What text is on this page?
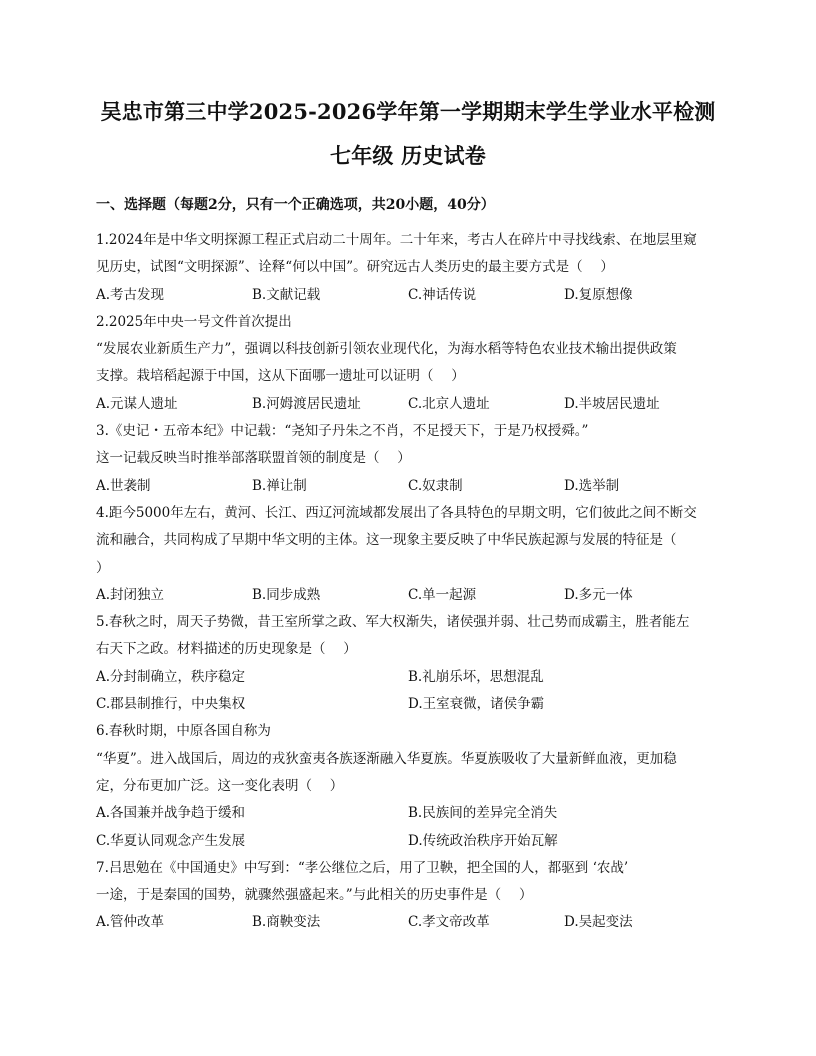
吴忠市第三中学2025-2026学年第一学期期末学生学业水平检测
七年级 历史试卷
一、选择题（每题2分，只有一个正确选项，共20小题，40分）
1.2024年是中华文明探源工程正式启动二十周年。二十年来，考古人在碎片中寻找线索、在地层里窥
见历史，试图“文明探源”、诠释“何以中国”。研究远古人类历史的最主要方式是（　 ）
A.考古发现	B.文献记载	C.神话传说	D.复原想像
2.2025年中央一号文件首次提出
“发展农业新质生产力”，强调以科技创新引领农业现代化，为海水稻等特色农业技术输出提供政策
支撑。栽培稻起源于中国，这从下面哪一遗址可以证明（　 ）
A.元谋人遗址	B.河姆渡居民遗址	C.北京人遗址	D.半坡居民遗址
3.《史记・五帝本纪》中记载：“尧知子丹朱之不肖，不足授天下，于是乃权授舜。”
这一记载反映当时推举部落联盟首领的制度是（　 ）
A.世袭制	B.禅让制	C.奴隶制	D.选举制
4.距今5000年左右，黄河、长江、西辽河流域都发展出了各具特色的早期文明，它们彼此之间不断交
流和融合，共同构成了早期中华文明的主体。这一现象主要反映了中华民族起源与发展的特征是（
）
A.封闭独立	B.同步成熟	C.单一起源	D.多元一体
5.春秋之时，周天子势微，昔王室所掌之政、军大权渐失，诸侯强并弱、壮己势而成霸主，胜者能左
右天下之政。材料描述的历史现象是（　 ）
A.分封制确立，秩序稳定	B.礼崩乐坏，思想混乱
C.郡县制推行，中央集权	D.王室衰微，诸侯争霸
6.春秋时期，中原各国自称为
“华夏”。进入战国后，周边的戎狄蛮夷各族逐渐融入华夏族。华夏族吸收了大量新鲜血液，更加稳
定，分布更加广泛。这一变化表明（　 ）
A.各国兼并战争趋于缓和	B.民族间的差异完全消失
C.华夏认同观念产生发展	D.传统政治秩序开始瓦解
7.吕思勉在《中国通史》中写到：“孝公继位之后，用了卫鞅，把全国的人，都驱到 ‘农战’
一途，于是秦国的国势，就骤然强盛起来。”与此相关的历史事件是（　 ）
A.管仲改革	B.商鞅变法	C.孝文帝改革	D.吴起变法
